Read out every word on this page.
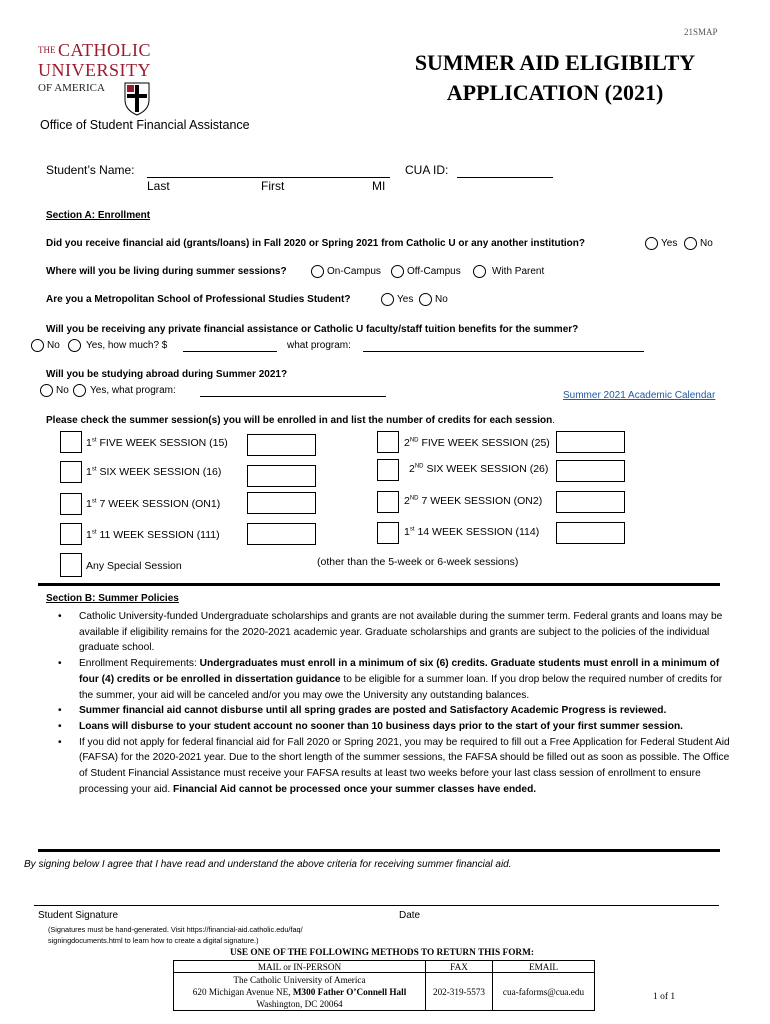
21SMAP
THE CATHOLIC
UNIVERSITY
OF AMERICA
Office of Student Financial Assistance
SUMMER AID ELIGIBILTY
APPLICATION (2021)
Student’s Name:	CUA ID:
Last	First	MI
Section A: Enrollment
Did you receive financial aid (grants/loans) in Fall 2020 or Spring 2021 from Catholic U or any another institution?	Yes No
Where will you be living during summer sessions?	On-Campus	Off-Campus	With Parent
Are you a Metropolitan School of Professional Studies Student?	Yes No
Will you be receiving any private financial assistance or Catholic U faculty/staff tuition benefits for the summer?
No	Yes, how much? $	what program:
Will you be studying abroad during Summer 2021?
No Yes, what program:	Summer 2021 Academic Calendar
Please check the summer session(s) you will be enrolled in and list the number of credits for each session.
1st FIVE WEEK SESSION (15)	2ND FIVE WEEK SESSION (25)
1st SIX WEEK SESSION (16)	2ND SIX WEEK SESSION (26)
1st 7 WEEK SESSION (ON1)	2ND 7 WEEK SESSION (ON2)
1st 11 WEEK SESSION (111)	1st 14 WEEK SESSION (114)
Any Special Session	(other than the 5-week or 6-week sessions)
Section B: Summer Policies
• Catholic University-funded Undergraduate scholarships and grants are not available during the summer term. Federal grants and loans may be available if eligibility remains for the 2020-2021 academic year. Graduate scholarships and grants are subject to the policies of the individual graduate school.
• Enrollment Requirements: Undergraduates must enroll in a minimum of six (6) credits. Graduate students must enroll in a minimum of four (4) credits or be enrolled in dissertation guidance to be eligible for a summer loan. If you drop below the required number of credits for the summer, your aid will be canceled and/or you may owe the University any outstanding balances.
• Summer financial aid cannot disburse until all spring grades are posted and Satisfactory Academic Progress is reviewed.
• Loans will disburse to your student account no sooner than 10 business days prior to the start of your first summer session.
• If you did not apply for federal financial aid for Fall 2020 or Spring 2021, you may be required to fill out a Free Application for Federal Student Aid (FAFSA) for the 2020-2021 year. Due to the short length of the summer sessions, the FAFSA should be filled out as soon as possible. The Office of Student Financial Assistance must receive your FAFSA results at least two weeks before your last class session of enrollment to ensure processing your aid. Financial Aid cannot be processed once your summer classes have ended.
By signing below I agree that I have read and understand the above criteria for receiving summer financial aid.
Student Signature	Date
(Signatures must be hand-generated. Visit https://financial-aid.catholic.edu/faq/
signingdocuments.html to learn how to create a digital signature.)
USE ONE OF THE FOLLOWING METHODS TO RETURN THIS FORM:
MAIL or IN-PERSON	FAX	EMAIL

The Catholic University of America
620 Michigan Avenue NE, M300 Father O’Connell Hall
Washington, DC 20064	202-319-5573	cua-faforms@cua.edu
1 of 1
